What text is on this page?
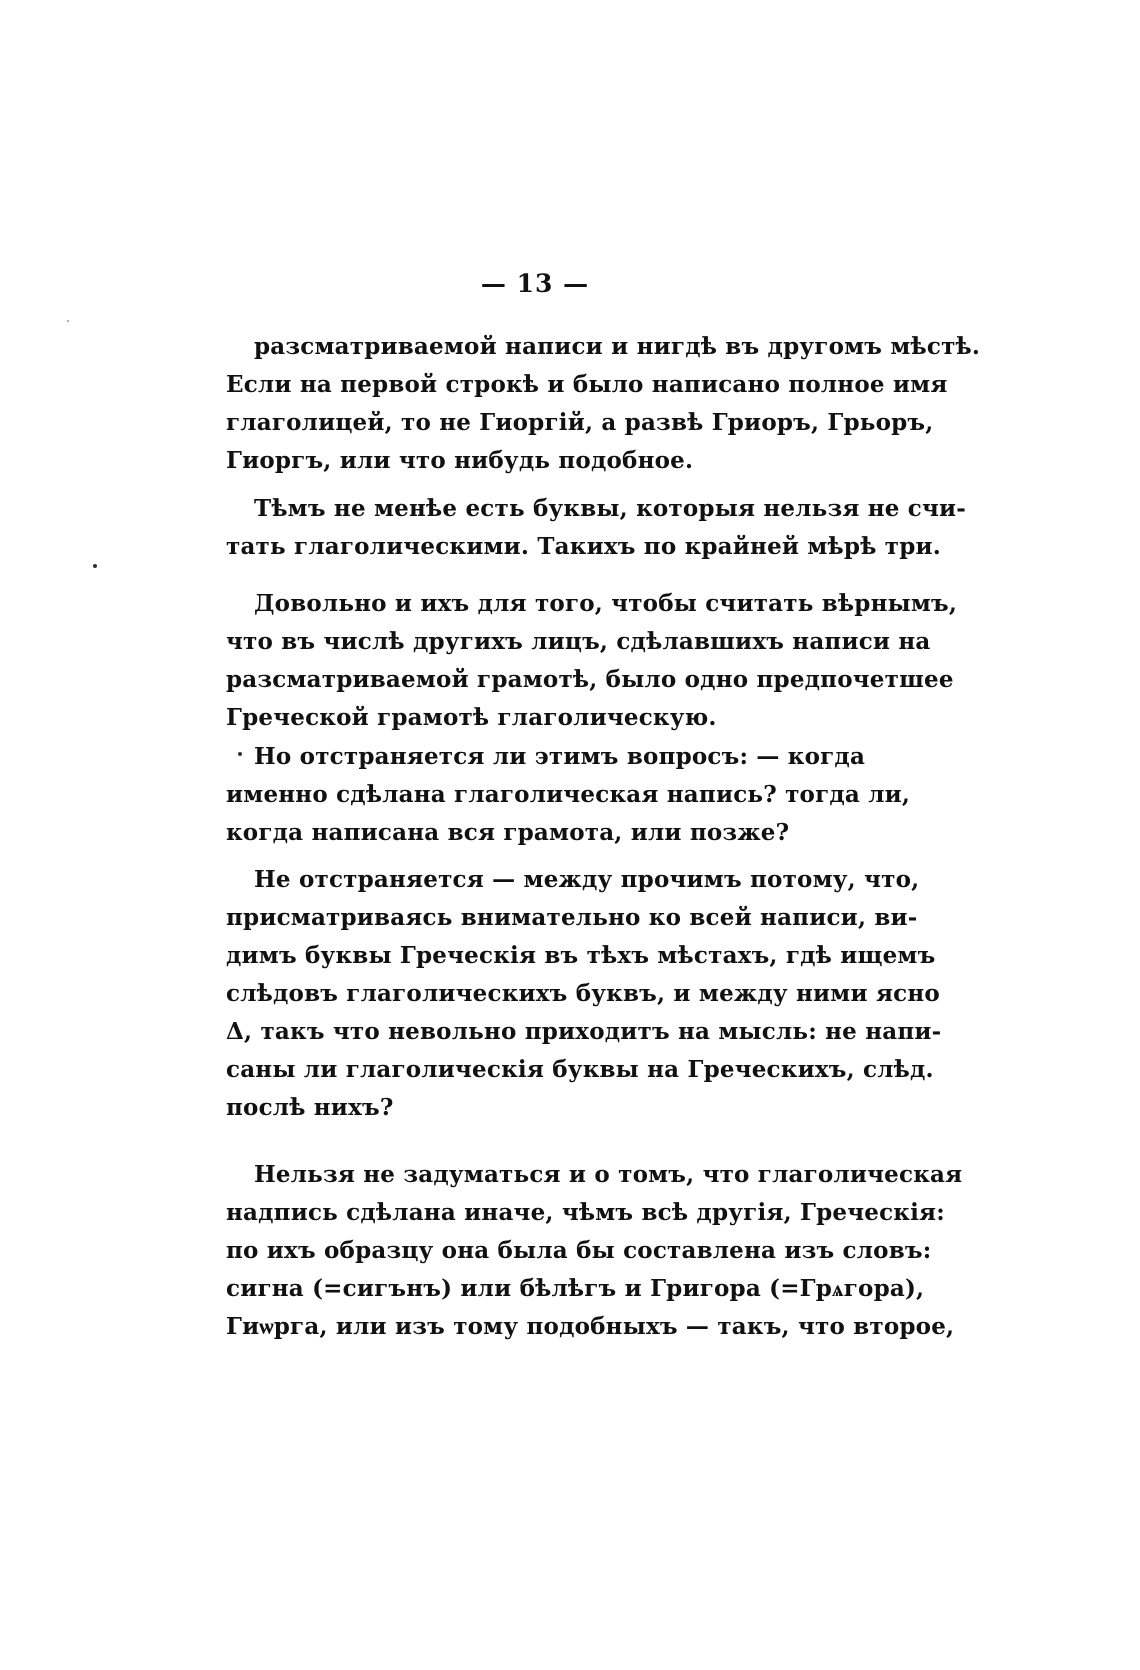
— 13 —
разсматриваемой написи и нигдѣ въ другомъ мѣстѣ.
Если на первой строкѣ и было написано полное имя
глаголицей, то не Гиоргій, а развѣ Гриоръ, Грьоръ,
Гиоргъ, или что нибудь подобное.
Тѣмъ не менѣе есть буквы, которыя нельзя не счи-
тать глаголическими. Такихъ по крайней мѣрѣ три.
Довольно и ихъ для того, чтобы считать вѣрнымъ,
что въ числѣ другихъ лицъ, сдѣлавшихъ написи на
разсматриваемой грамотѣ, было одно предпочетшее
Греческой грамотѣ глаголическую.
Но отстраняется ли этимъ вопросъ: — когда
именно сдѣлана глаголическая напись? тогда ли,
когда написана вся грамота, или позже?
Не отстраняется — между прочимъ потому, что,
присматриваясь внимательно ко всей написи, ви-
димъ буквы Греческія въ тѣхъ мѣстахъ, гдѣ ищемъ
слѣдовъ глаголическихъ буквъ, и между ними ясно
Δ, такъ что невольно приходитъ на мысль: не напи-
саны ли глаголическія буквы на Греческихъ, слѣд.
послѣ нихъ?
Нельзя не задуматься и о томъ, что глаголическая
надпись сдѣлана иначе, чѣмъ всѣ другія, Греческія:
по ихъ образцу она была бы составлена изъ словъ:
сигна (=сигънъ) или бѣлѣгъ и Григора (=Грѧгора),
Гиѡрга, или изъ тому подобныхъ — такъ, что второе,
